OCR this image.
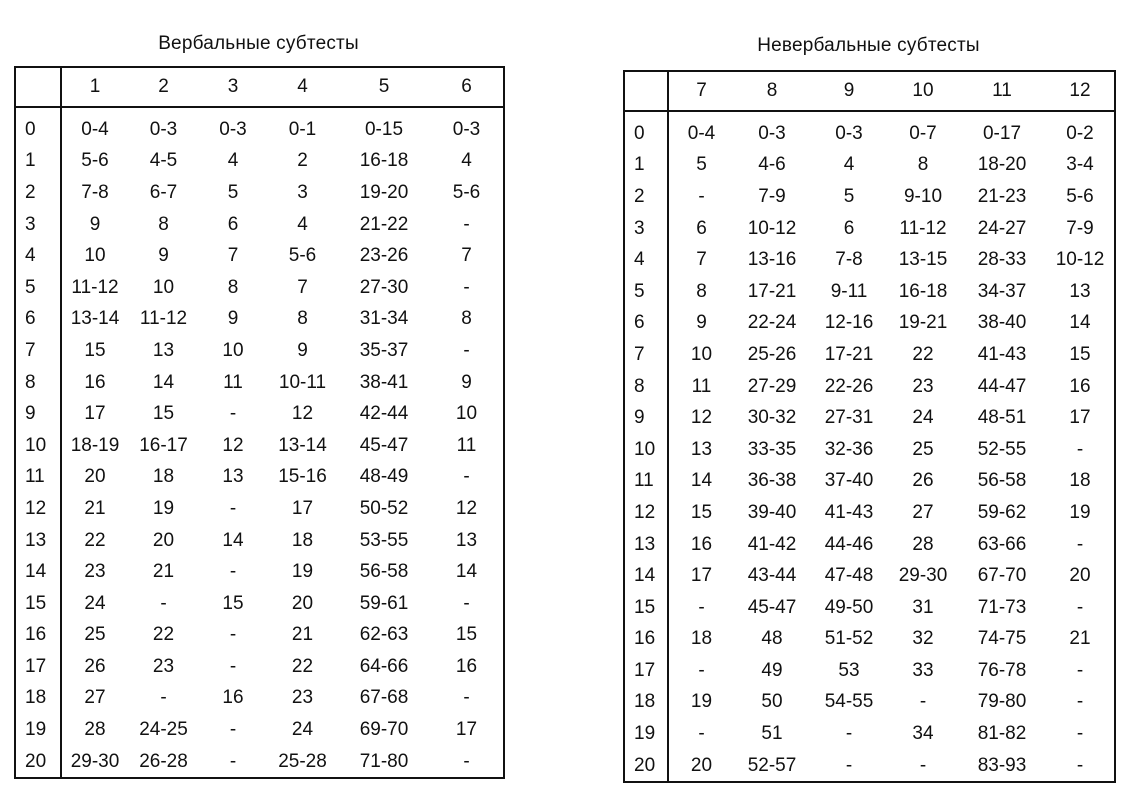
Вербальные субтесты
	1	2	3	4	5	6
0	0-4	0-3	0-3	0-1	0-15	0-3
1	5-6	4-5	4	2	16-18	4
2	7-8	6-7	5	3	19-20	5-6
3	9	8	6	4	21-22	-
4	10	9	7	5-6	23-26	7
5	11-12	10	8	7	27-30	-
6	13-14	11-12	9	8	31-34	8
7	15	13	10	9	35-37	-
8	16	14	11	10-11	38-41	9
9	17	15	-	12	42-44	10
10	18-19	16-17	12	13-14	45-47	11
11	20	18	13	15-16	48-49	-
12	21	19	-	17	50-52	12
13	22	20	14	18	53-55	13
14	23	21	-	19	56-58	14
15	24	-	15	20	59-61	-
16	25	22	-	21	62-63	15
17	26	23	-	22	64-66	16
18	27	-	16	23	67-68	-
19	28	24-25	-	24	69-70	17
20	29-30	26-28	-	25-28	71-80	-
Невербальные субтесты
	7	8	9	10	11	12
0	0-4	0-3	0-3	0-7	0-17	0-2
1	5	4-6	4	8	18-20	3-4
2	-	7-9	5	9-10	21-23	5-6
3	6	10-12	6	11-12	24-27	7-9
4	7	13-16	7-8	13-15	28-33	10-12
5	8	17-21	9-11	16-18	34-37	13
6	9	22-24	12-16	19-21	38-40	14
7	10	25-26	17-21	22	41-43	15
8	11	27-29	22-26	23	44-47	16
9	12	30-32	27-31	24	48-51	17
10	13	33-35	32-36	25	52-55	-
11	14	36-38	37-40	26	56-58	18
12	15	39-40	41-43	27	59-62	19
13	16	41-42	44-46	28	63-66	-
14	17	43-44	47-48	29-30	67-70	20
15	-	45-47	49-50	31	71-73	-
16	18	48	51-52	32	74-75	21
17	-	49	53	33	76-78	-
18	19	50	54-55	-	79-80	-
19	-	51	-	34	81-82	-
20	20	52-57	-	-	83-93	-
